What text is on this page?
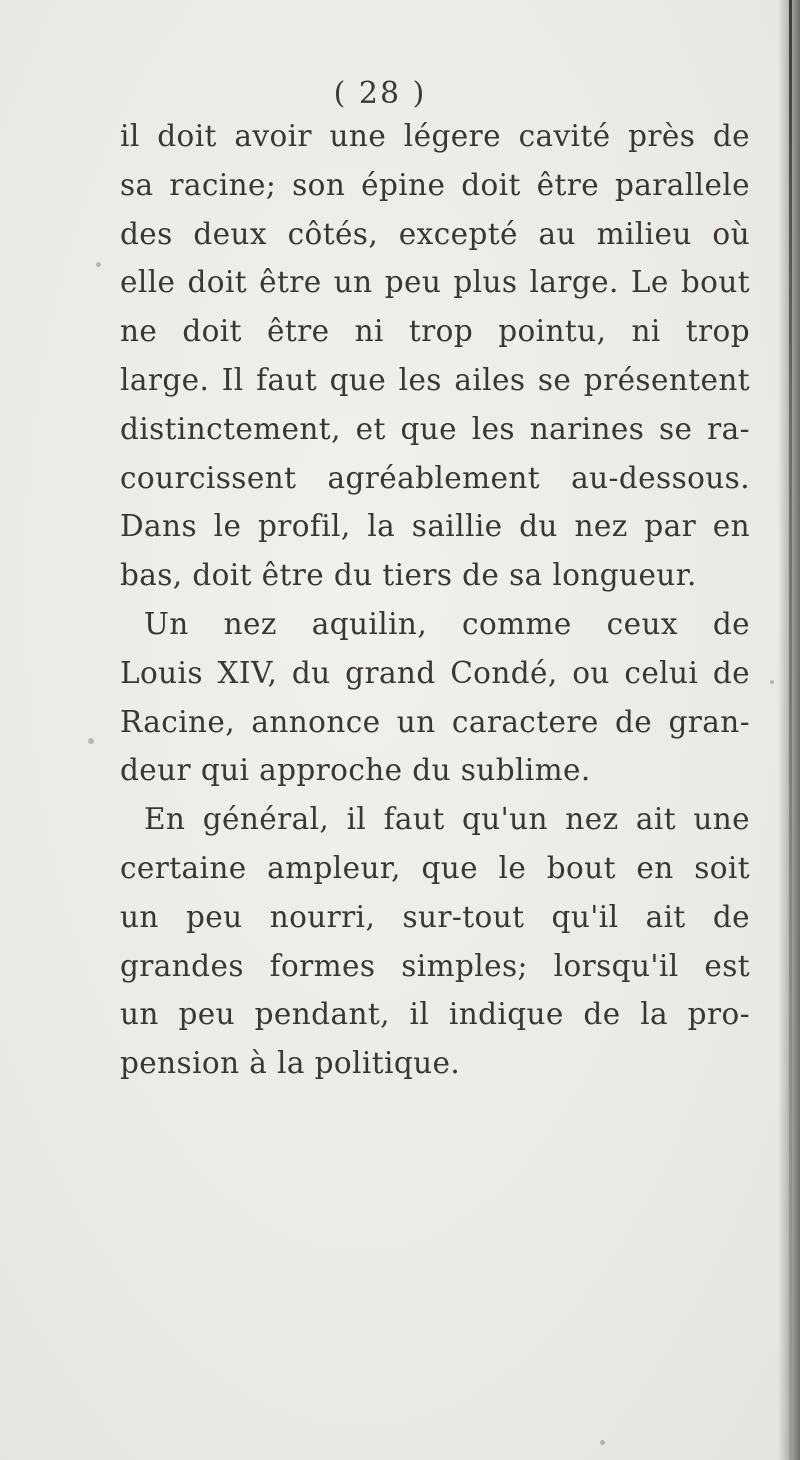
( 28 )
il doit avoir une légere cavité près de
sa racine; son épine doit être parallele
des deux côtés, excepté au milieu où
elle doit être un peu plus large. Le bout
ne doit être ni trop pointu, ni trop
large. Il faut que les ailes se présentent
distinctement, et que les narines se ra-
courcissent agréablement au-dessous.
Dans le profil, la saillie du nez par en
bas, doit être du tiers de sa longueur.
Un nez aquilin, comme ceux de
Louis XIV, du grand Condé, ou celui de
Racine, annonce un caractere de gran-
deur qui approche du sublime.
En général, il faut qu'un nez ait une
certaine ampleur, que le bout en soit
un peu nourri, sur-tout qu'il ait de
grandes formes simples; lorsqu'il est
un peu pendant, il indique de la pro-
pension à la politique.
